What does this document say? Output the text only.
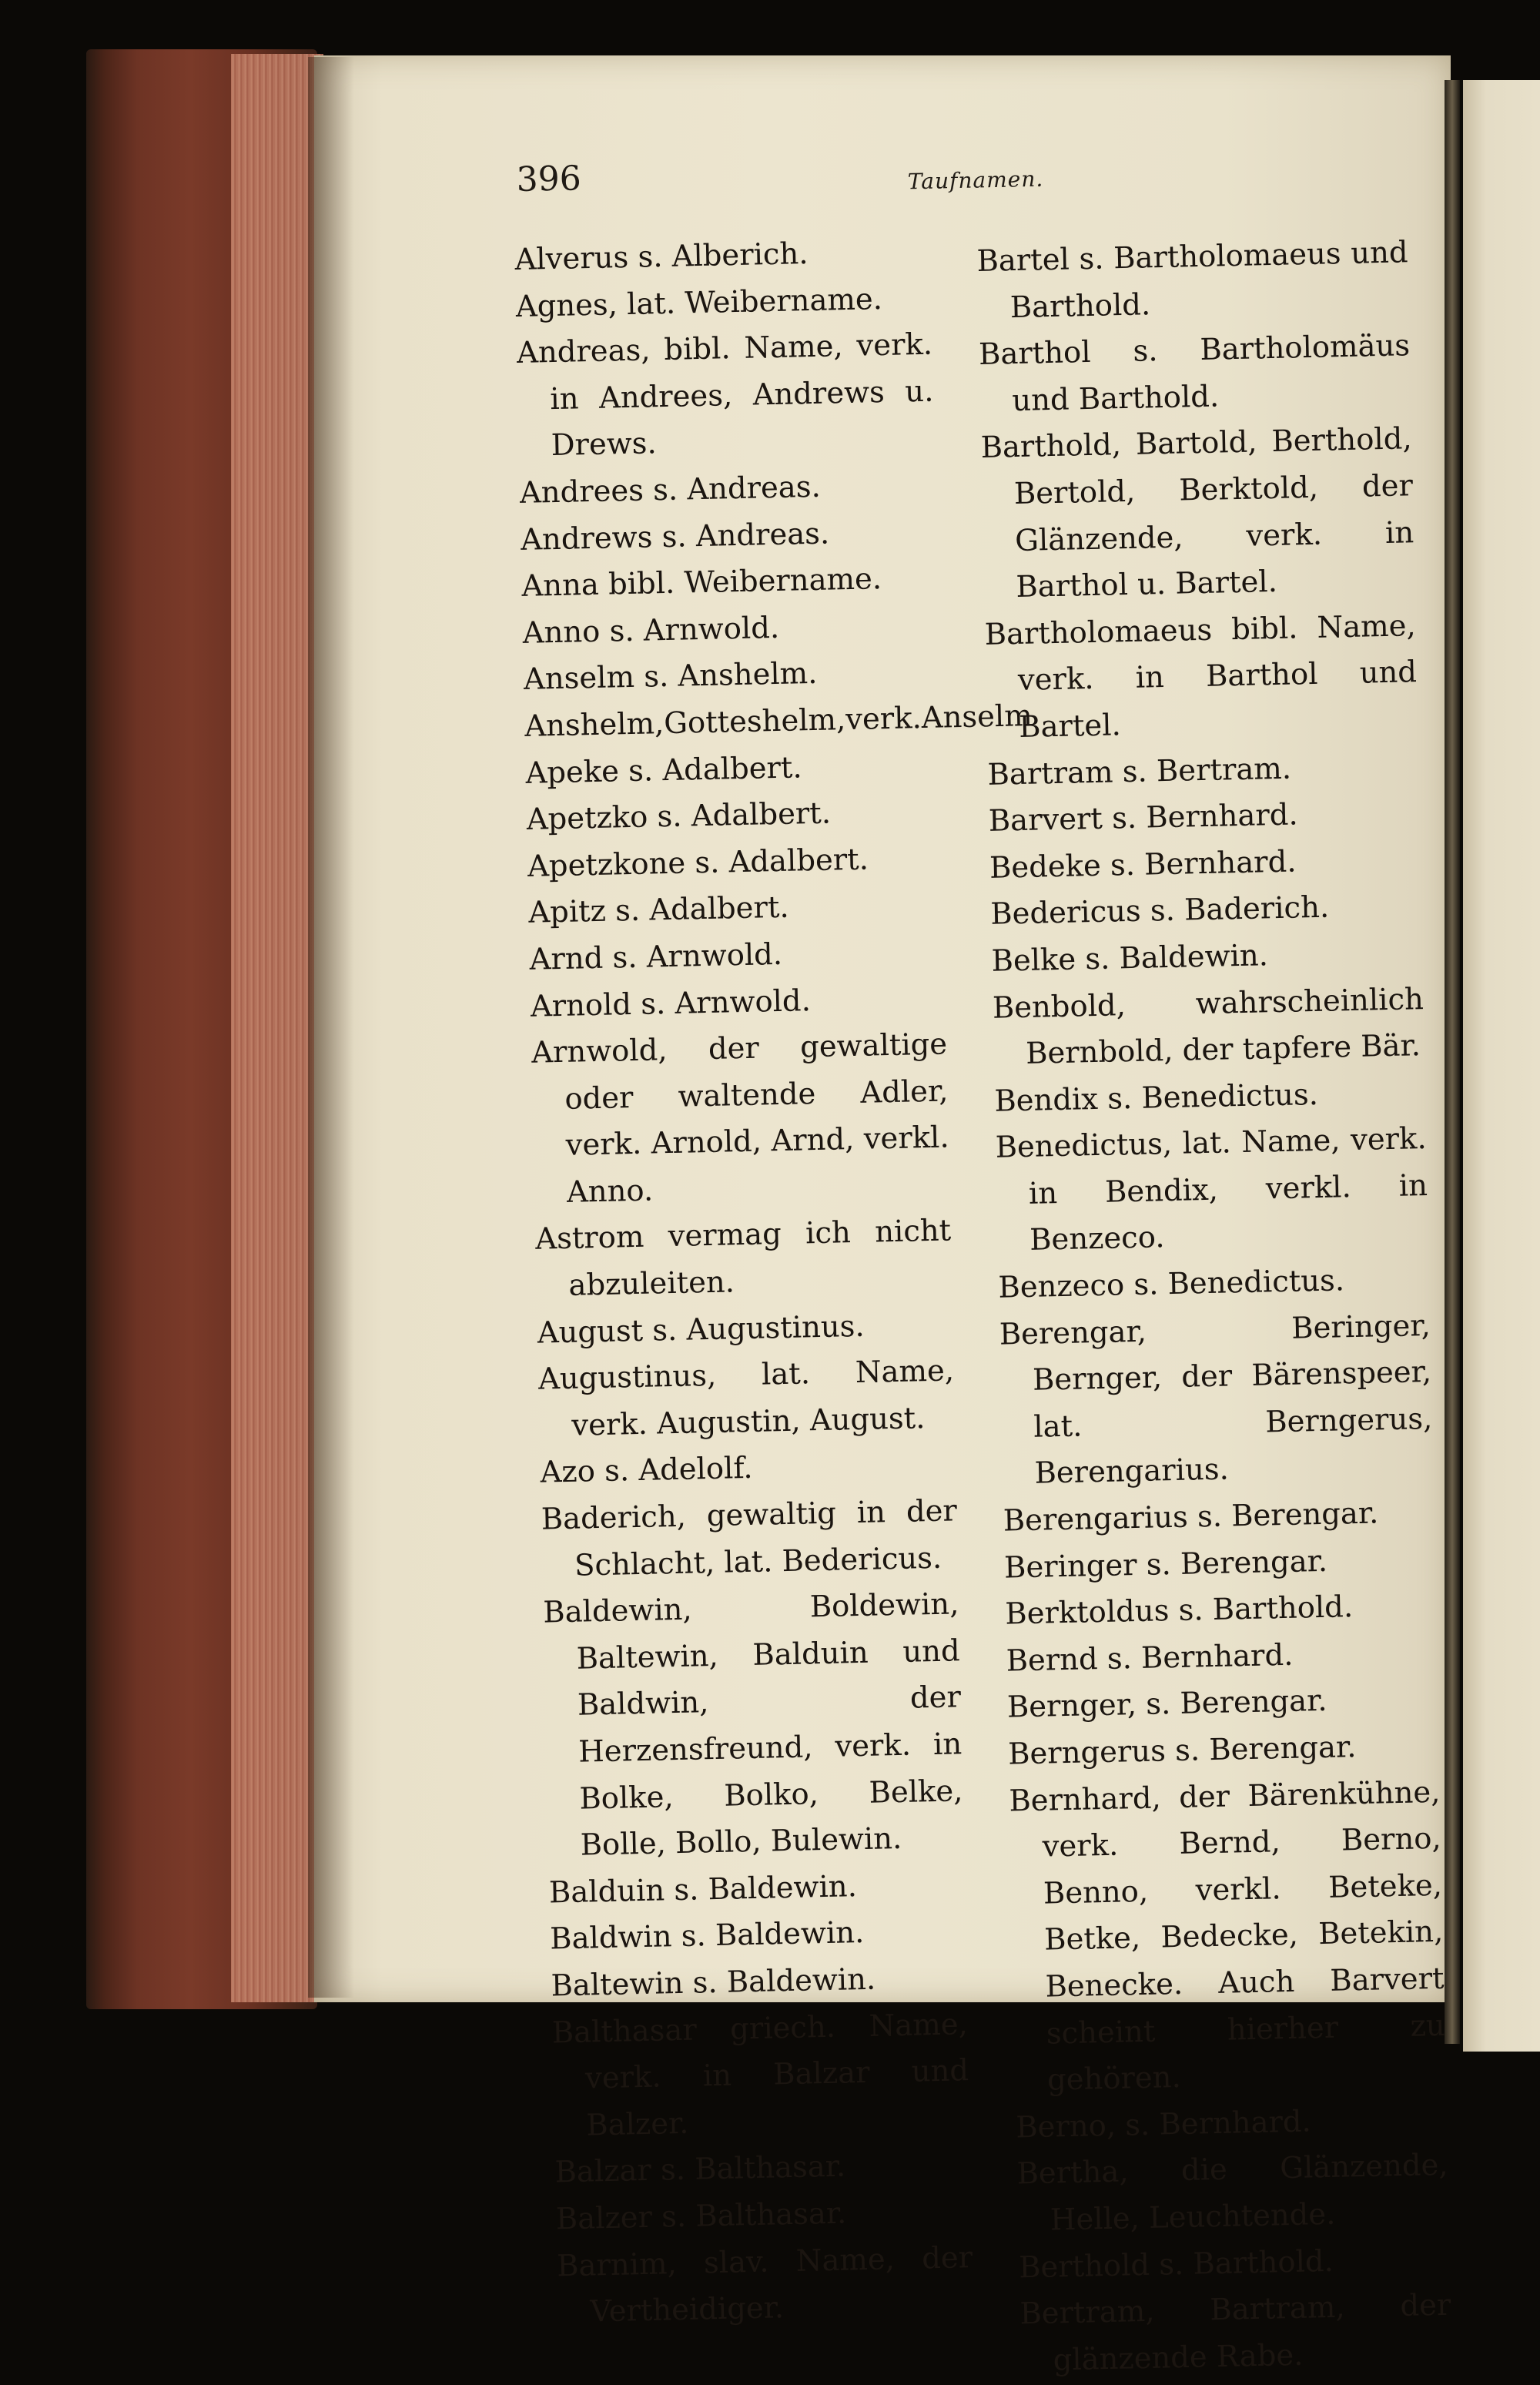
396	Taufnamen.

Alverus s. Alberich.

Agnes, lat. Weibername.

Andreas, bibl. Name, verk. in Andrees, Andrews u. Drews.

Andrees s. Andreas.

Andrews s. Andreas.

Anna bibl. Weibername.

Anno s. Arnwold.

Anselm s. Anshelm.

Anshelm,Gotteshelm,verk.Anselm

Apeke s. Adalbert.

Apetzko s. Adalbert.

Apetzkone s. Adalbert.

Apitz s. Adalbert.

Arnd s. Arnwold.

Arnold s. Arnwold.

Arnwold, der gewaltige oder waltende Adler, verk. Arnold, Arnd, verkl. Anno.

Astrom vermag ich nicht abzuleiten.

August s. Augustinus.

Augustinus, lat. Name, verk. Augustin, August.

Azo s. Adelolf.

Baderich, gewaltig in der Schlacht, lat. Bedericus.

Baldewin, Boldewin, Baltewin, Balduin und Baldwin, der Herzensfreund, verk. in Bolke, Bolko, Belke, Bolle, Bollo, Bulewin.

Balduin s. Baldewin.

Baldwin s. Baldewin.

Baltewin s. Baldewin.

Balthasar griech. Name, verk. in Balzar und Balzer.

Balzar s. Balthasar.

Balzer s. Balthasar.

Barnim, slav. Name, der Vertheidiger.

Bartel s. Bartholomaeus und Barthold.

Barthol s. Bartholomäus und Barthold.

Barthold, Bartold, Berthold, Bertold, Berktold, der Glänzende, verk. in Barthol u. Bartel.

Bartholomaeus bibl. Name, verk. in Barthol und Bartel.

Bartram s. Bertram.

Barvert s. Bernhard.

Bedeke s. Bernhard.

Bedericus s. Baderich.

Belke s. Baldewin.

Benbold, wahrscheinlich Bernbold, der tapfere Bär.

Bendix s. Benedictus.

Benedictus, lat. Name, verk. in Bendix, verkl. in Benzeco.

Benzeco s. Benedictus.

Berengar, Beringer, Bernger, der Bärenspeer, lat. Berngerus, Berengarius.

Berengarius s. Berengar.

Beringer s. Berengar.

Berktoldus s. Barthold.

Bernd s. Bernhard.

Bernger, s. Berengar.

Berngerus s. Berengar.

Bernhard, der Bärenkühne, verk. Bernd, Berno, Benno, verkl. Beteke, Betke, Bedecke, Betekin, Benecke. Auch Barvert scheint hierher zu gehören.

Berno, s. Bernhard.

Bertha, die Glänzende, Helle, Leuchtende.

Berthold s. Barthold.

Bertram, Bartram, der glänzende Rabe.
